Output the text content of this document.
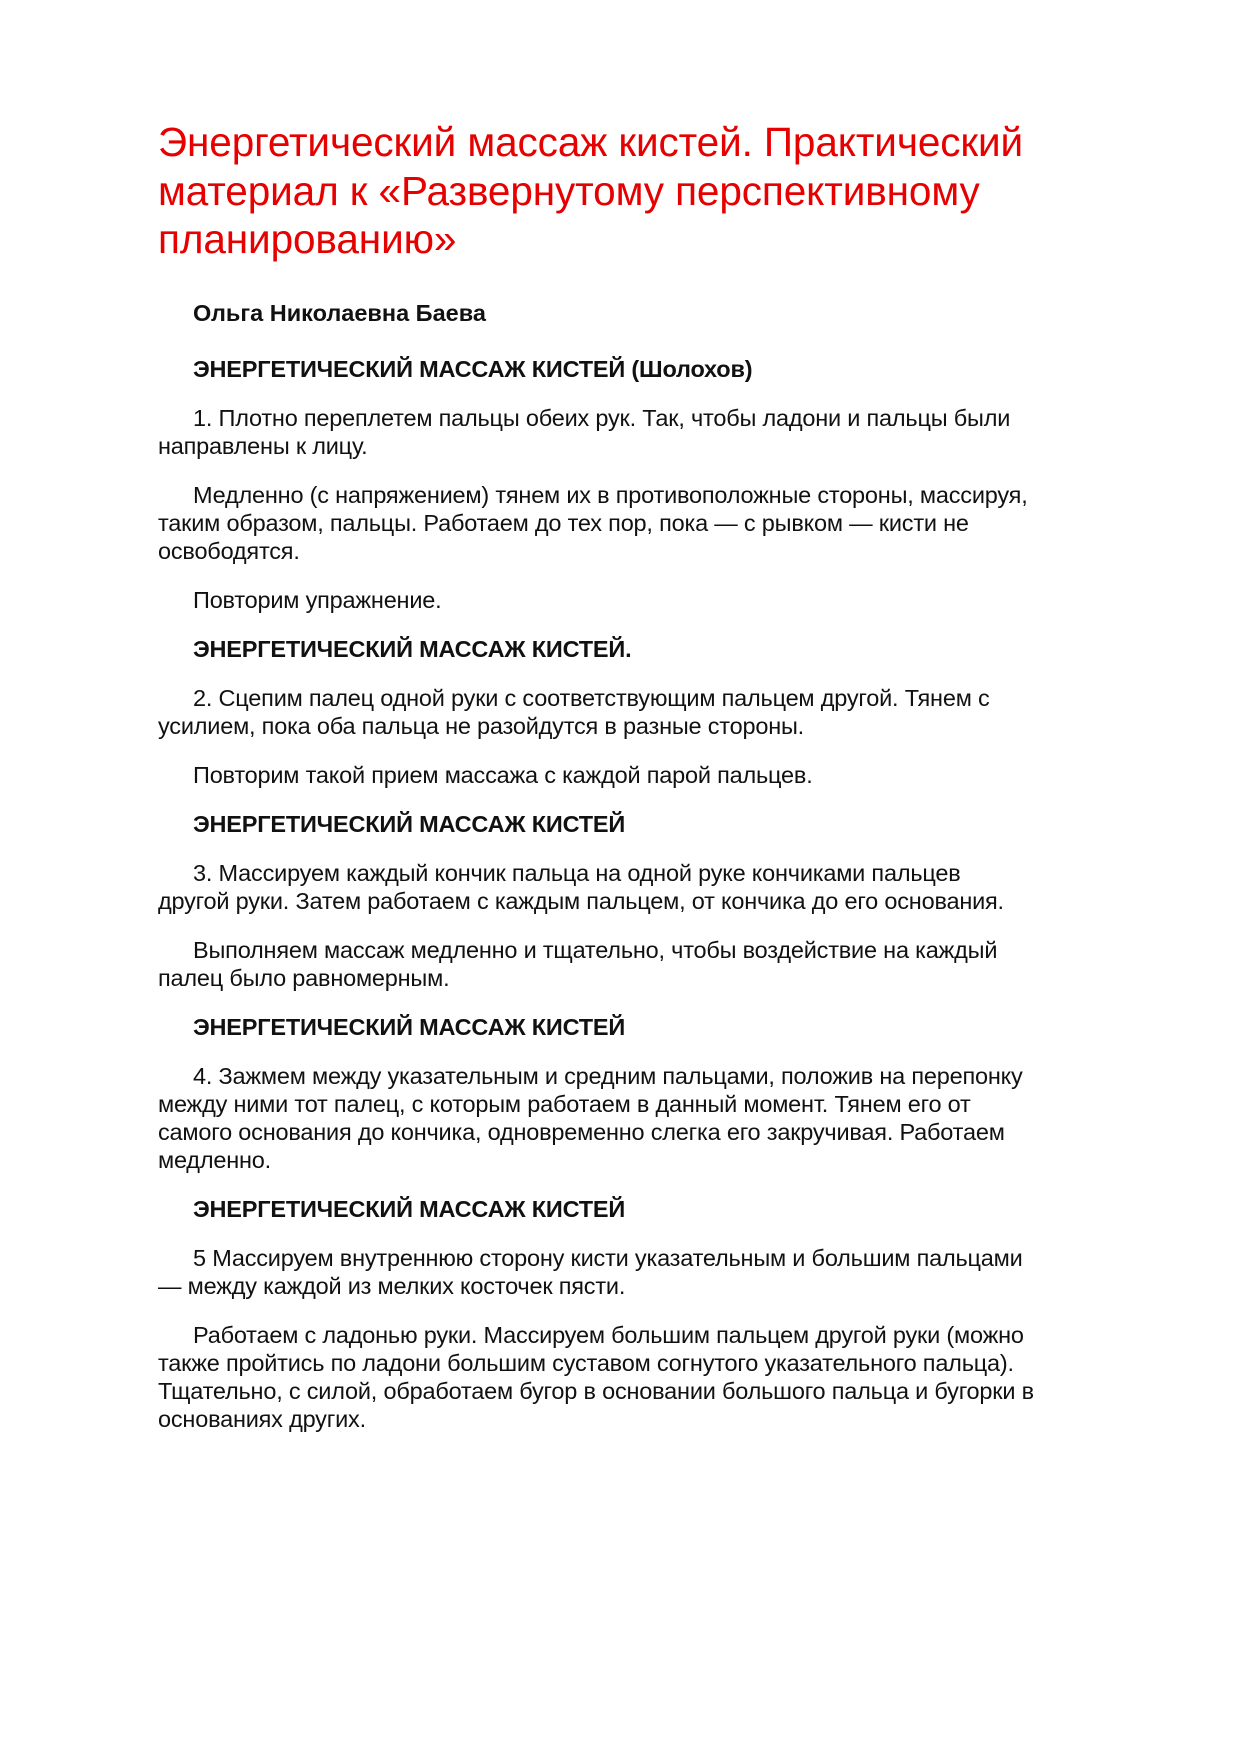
Энергетический массаж кистей. Практический материал к «Развернутому перспективному планированию»

Ольга Николаевна Баева

ЭНЕРГЕТИЧЕСКИЙ МАССАЖ КИСТЕЙ (Шолохов)

1. Плотно переплетем пальцы обеих рук. Так, чтобы ладони и пальцы были направлены к лицу.

Медленно (с напряжением) тянем их в противоположные стороны, массируя, таким образом, пальцы. Работаем до тех пор, пока — с рывком — кисти не освободятся.

Повторим упражнение.

ЭНЕРГЕТИЧЕСКИЙ МАССАЖ КИСТЕЙ.

2. Сцепим палец одной руки с соответствующим пальцем другой. Тянем с усилием, пока оба пальца не разойдутся в разные стороны.

Повторим такой прием массажа с каждой парой пальцев.

ЭНЕРГЕТИЧЕСКИЙ МАССАЖ КИСТЕЙ

3. Массируем каждый кончик пальца на одной руке кончиками пальцев другой руки. Затем работаем с каждым пальцем, от кончика до его основания.

Выполняем массаж медленно и тщательно, чтобы воздействие на каждый палец было равномерным.

ЭНЕРГЕТИЧЕСКИЙ МАССАЖ КИСТЕЙ

4. Зажмем между указательным и средним пальцами, положив на перепонку между ними тот палец, с которым работаем в данный момент. Тянем его от самого основания до кончика, одновременно слегка его закручивая. Работаем медленно.

ЭНЕРГЕТИЧЕСКИЙ МАССАЖ КИСТЕЙ

5 Массируем внутреннюю сторону кисти указательным и большим пальцами — между каждой из мелких косточек пясти.

Работаем с ладонью руки. Массируем большим пальцем другой руки (можно также пройтись по ладони большим суставом согнутого указательного пальца). Тщательно, с силой, обработаем бугор в основании большого пальца и бугорки в основаниях других.
